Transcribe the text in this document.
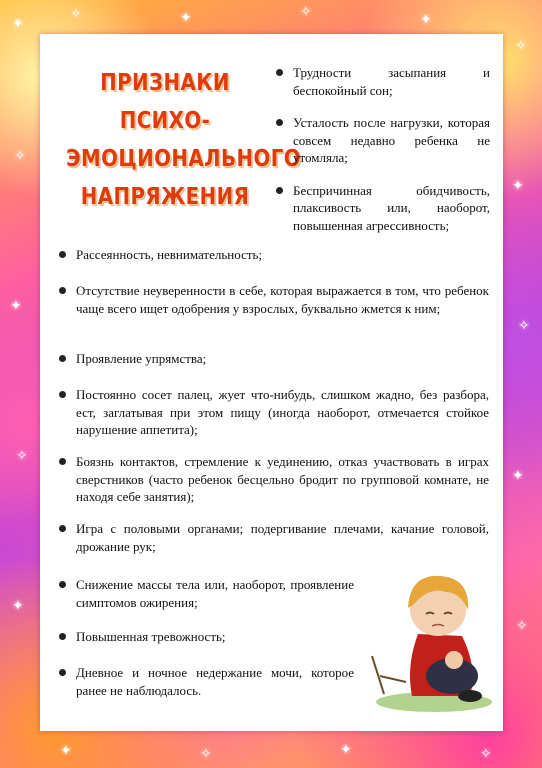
✦
✧	✦	✧
✦
✧
✦
✧
✦
✧
✧
✦
✧
✦
✦	✧	✦	✧
ПРИЗНАКИ
ПСИХО-
ЭМОЦИОНАЛЬНОГО
НАПРЯЖЕНИЯ
Трудности засыпания и беспокойный сон;
Усталость после нагрузки, которая совсем недавно ребенка не утомляла;
Беспричинная обидчивость, плаксивость или, наоборот, повышенная агрессивность;
Рассеянность, невнимательность;
Отсутствие неуверенности в себе, которая выражается в том, что ребенок чаще всего ищет одобрения у взрослых, буквально жмется к ним;
Проявление упрямства;
Постоянно сосет палец, жует что-нибудь, слишком жадно, без разбора, ест, заглатывая при этом пищу (иногда наоборот, отмечается стойкое нарушение аппетита);
Боязнь контактов, стремление к уединению, отказ участвовать в играх сверстников (часто ребенок бесцельно бродит по групповой комнате, не находя себе занятия);
Игра с половыми органами; подергивание плечами, качание головой, дрожание рук;
Снижение массы тела или, наоборот, проявление симптомов ожирения;
Повышенная тревожность;
Дневное и ночное недержание мочи, которое ранее не наблюдалось.
